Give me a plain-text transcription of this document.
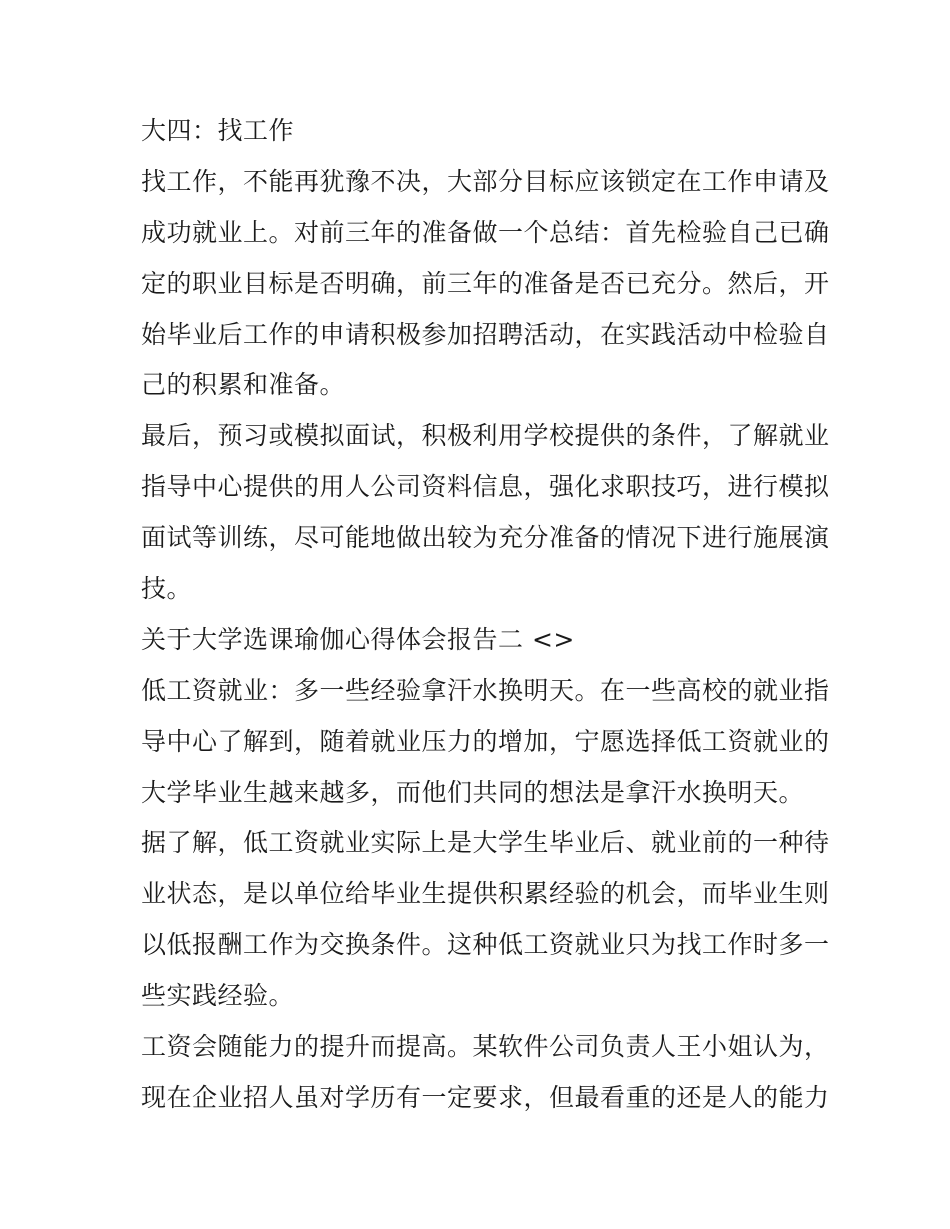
大四：找工作
找工作，不能再犹豫不决，大部分目标应该锁定在工作申请及
成功就业上。对前三年的准备做一个总结：首先检验自己已确
定的职业目标是否明确，前三年的准备是否已充分。然后，开
始毕业后工作的申请积极参加招聘活动，在实践活动中检验自
己的积累和准备。
最后，预习或模拟面试，积极利用学校提供的条件，了解就业
指导中心提供的用人公司资料信息，强化求职技巧，进行模拟
面试等训练，尽可能地做出较为充分准备的情况下进行施展演
技。
关于大学选课瑜伽心得体会报告二 <>
低工资就业：多一些经验拿汗水换明天。在一些高校的就业指
导中心了解到，随着就业压力的增加，宁愿选择低工资就业的
大学毕业生越来越多，而他们共同的想法是拿汗水换明天。
据了解，低工资就业实际上是大学生毕业后、就业前的一种待
业状态，是以单位给毕业生提供积累经验的机会，而毕业生则
以低报酬工作为交换条件。这种低工资就业只为找工作时多一
些实践经验。
工资会随能力的提升而提高。某软件公司负责人王小姐认为，
现在企业招人虽对学历有一定要求，但最看重的还是人的能力
